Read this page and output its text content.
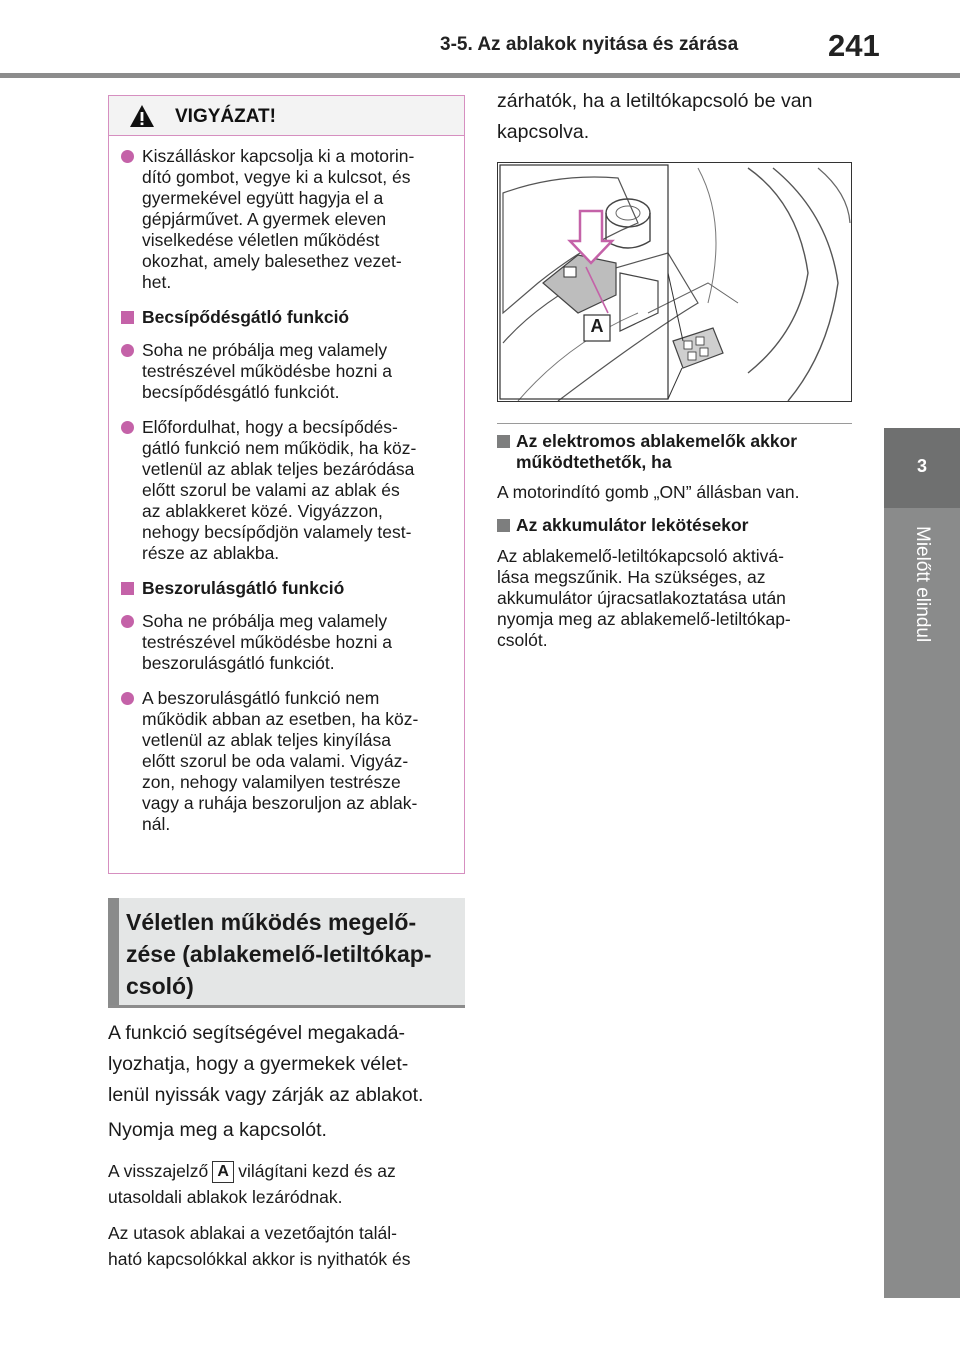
3-5. Az ablakok nyitása és zárása	241
3
Mielőtt elindul
VIGYÁZAT!
Kiszálláskor kapcsolja ki a motorin-
dító gombot, vegye ki a kulcsot, és
gyermekével együtt hagyja el a
gépjárművet. A gyermek eleven
viselkedése véletlen működést
okozhat, amely balesethez vezet-
het.
Becsípődésgátló funkció
Soha ne próbálja meg valamely
testrészével működésbe hozni a
becsípődésgátló funkciót.
Előfordulhat, hogy a becsípődés-
gátló funkció nem működik, ha köz-
vetlenül az ablak teljes bezáródása
előtt szorul be valami az ablak és
az ablakkeret közé. Vigyázzon,
nehogy becsípődjön valamely test-
része az ablakba.
Beszorulásgátló funkció
Soha ne próbálja meg valamely
testrészével működésbe hozni a
beszorulásgátló funkciót.
A beszorulásgátló funkció nem
működik abban az esetben, ha köz-
vetlenül az ablak teljes kinyílása
előtt szorul be oda valami. Vigyáz-
zon, nehogy valamilyen testrésze
vagy a ruhája beszoruljon az ablak-
nál.
Véletlen működés megelő-
zése (ablakemelő-letiltókap-
csoló)
A funkció segítségével megakadá-
lyozhatja, hogy a gyermekek vélet-
lenül nyissák vagy zárják az ablakot.
Nyomja meg a kapcsolót.
A visszajelző A világítani kezd és az
utasoldali ablakok lezáródnak.
Az utasok ablakai a vezetőajtón talál-
ható kapcsolókkal akkor is nyithatók és
zárhatók, ha a letiltókapcsoló be van
kapcsolva.
A
Az elektromos ablakemelők akkor
működtethetők, ha
A motorindító gomb „ON” állásban van.
Az akkumulátor lekötésekor
Az ablakemelő-letiltókapcsoló aktivá-
lása megszűnik. Ha szükséges, az
akkumulátor újracsatlakoztatása után
nyomja meg az ablakemelő-letiltókap-
csolót.
